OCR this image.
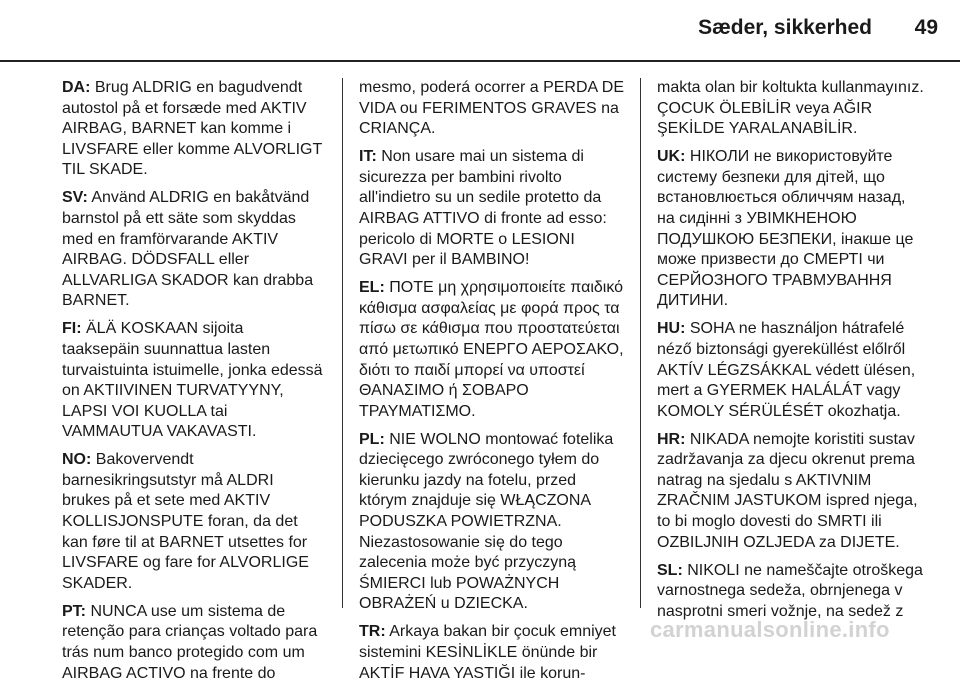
Sæder, sikkerhed 49

DA: Brug ALDRIG en bagudvendt autostol på et forsæde med AKTIV AIRBAG, BARNET kan komme i LIVSFARE eller komme ALVORLIGT TIL SKADE.

SV: Använd ALDRIG en bakåtvänd barnstol på ett säte som skyddas med en framförvarande AKTIV AIRBAG. DÖDSFALL eller ALLVARLIGA SKADOR kan drabba BARNET.

FI: ÄLÄ KOSKAAN sijoita taaksepäin suunnattua lasten turvaistuinta istuimelle, jonka edessä on AKTIIVINEN TURVATYYNY, LAPSI VOI KUOLLA tai VAMMAUTUA VAKAVASTI.

NO: Bakovervendt barnesikringsutstyr må ALDRI brukes på et sete med AKTIV KOLLISJONSPUTE foran, da det kan føre til at BARNET utsettes for LIVSFARE og fare for ALVORLIGE SKADER.

PT: NUNCA use um sistema de retenção para crianças voltado para trás num banco protegido com um AIRBAG ACTIVO na frente do

mesmo, poderá ocorrer a PERDA DE VIDA ou FERIMENTOS GRAVES na CRIANÇA.

IT: Non usare mai un sistema di sicurezza per bambini rivolto all'indietro su un sedile protetto da AIRBAG ATTIVO di fronte ad esso: pericolo di MORTE o LESIONI GRAVI per il BAMBINO!

EL: ΠΟΤΕ μη χρησιμοποιείτε παιδικό κάθισμα ασφαλείας με φορά προς τα πίσω σε κάθισμα που προστατεύεται από μετωπικό ΕΝΕΡΓΟ ΑΕΡΟΣΑΚΟ, διότι το παιδί μπορεί να υποστεί ΘΑΝΑΣΙΜΟ ή ΣΟΒΑΡΟ ΤΡΑΥΜΑΤΙΣΜΟ.

PL: NIE WOLNO montować fotelika dziecięcego zwróconego tyłem do kierunku jazdy na fotelu, przed którym znajduje się WŁĄCZONA PODUSZKA POWIETRZNA. Niezastosowanie się do tego zalecenia może być przyczyną ŚMIERCI lub POWAŻNYCH OBRAŻEŃ u DZIECKA.

TR: Arkaya bakan bir çocuk emniyet sistemini KESİNLİKLE önünde bir AKTİF HAVA YASTIĞI ile korun-

makta olan bir koltukta kullanmayınız. ÇOCUK ÖLEBİLİR veya AĞIR ŞEKİLDE YARALANABİLİR.

UK: НІКОЛИ не використовуйте систему безпеки для дітей, що встановлюється обличчям назад, на сидінні з УВІМКНЕНОЮ ПОДУШКОЮ БЕЗПЕКИ, інакше це може призвести до СМЕРТІ чи СЕРЙОЗНОГО ТРАВМУВАННЯ ДИТИНИ.

HU: SOHA ne használjon hátrafelé néző biztonsági gyereküllést előlről AKTÍV LÉGZSÁKKAL védett ülésen, mert a GYERMEK HALÁLÁT vagy KOMOLY SÉRÜLÉSÉT okozhatja.

HR: NIKADA nemojte koristiti sustav zadržavanja za djecu okrenut prema natrag na sjedalu s AKTIVNIM ZRAČNIM JASTUKOM ispred njega, to bi moglo dovesti do SMRTI ili OZBILJNIH OZLJEDA za DIJETE.

SL: NIKOLI ne nameščajte otroškega varnostnega sedeža, obrnjenega v nasprotni smeri vožnje, na sedež z

carmanualsonline.info
